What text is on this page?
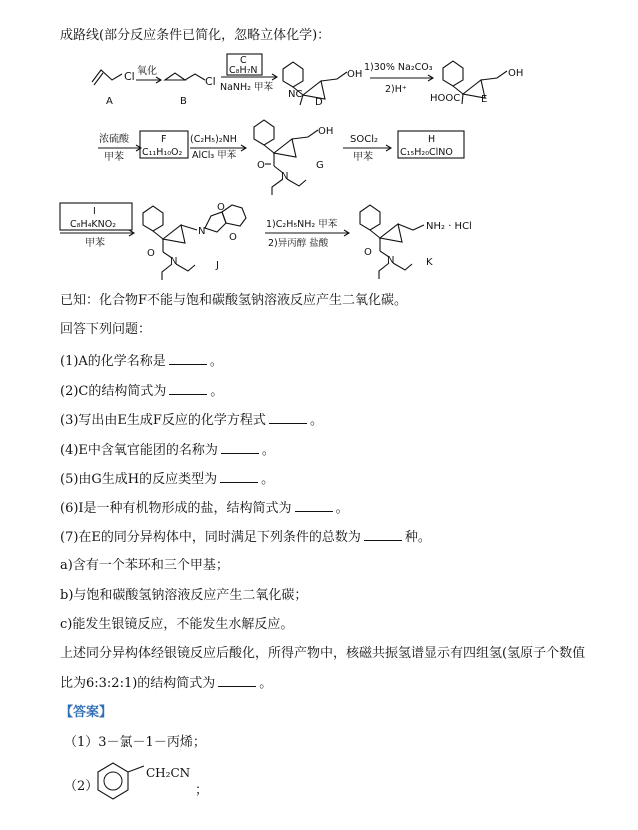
成路线(部分反应条件已简化，忽略立体化学)：
Cl
A
氧化
Cl
B
C
C₈H₇N
NaNH₂ 甲苯
NC
OH
D
1)30% Na₂CO₃
2)H⁺
HOOC
OH
E
浓硫酸
甲苯
F
C₁₁H₁₀O₂
(C₂H₅)₂NH
AlCl₃ 甲苯
OH
O
N
G
SOCl₂
甲苯
H
C₁₅H₂₀ClNO
I
C₈H₄KNO₂
甲苯
O
N
N
O
O
J
1)C₂H₅NH₂ 甲苯
2)异丙醇 盐酸
NH₂ · HCl
O
N	K
已知：化合物F不能与饱和碳酸氢钠溶液反应产生二氧化碳。
回答下列问题：
(1)A的化学名称是	。
(2)C的结构简式为	。
(3)写出由E生成F反应的化学方程式	。
(4)E中含氧官能团的名称为	。
(5)由G生成H的反应类型为	。
(6)I是一种有机物形成的盐，结构简式为	。
(7)在E的同分异构体中，同时满足下列条件的总数为	种。
a)含有一个苯环和三个甲基；
b)与饱和碳酸氢钠溶液反应产生二氧化碳；
c)能发生银镜反应，不能发生水解反应。
上述同分异构体经银镜反应后酸化，所得产物中，核磁共振氢谱显示有四组氢(氢原子个数值
比为6:3:2:1)的结构简式为	。
【答案】
（1）3－氯－1－丙烯；
（2）
CH₂CN
；
